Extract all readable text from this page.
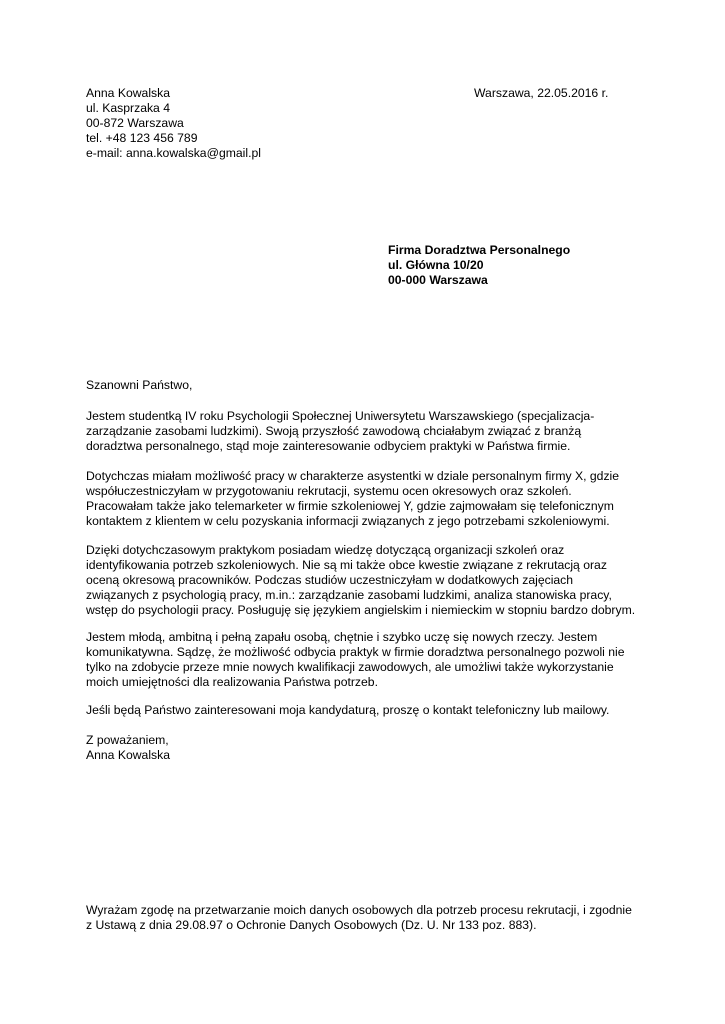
Anna Kowalska
ul. Kasprzaka 4
00-872 Warszawa
tel. +48 123 456 789
e-mail: anna.kowalska@gmail.pl
Warszawa, 22.05.2016 r.
Firma Doradztwa Personalnego
ul. Główna 10/20
00-000 Warszawa
Szanowni Państwo,
Jestem studentką IV roku Psychologii Społecznej Uniwersytetu Warszawskiego (specjalizacja-
zarządzanie zasobami ludzkimi). Swoją przyszłość zawodową chciałabym związać z branżą
doradztwa personalnego, stąd moje zainteresowanie odbyciem praktyki w Państwa firmie.
Dotychczas miałam możliwość pracy w charakterze asystentki w dziale personalnym firmy X, gdzie
współuczestniczyłam w przygotowaniu rekrutacji, systemu ocen okresowych oraz szkoleń.
Pracowałam także jako telemarketer w firmie szkoleniowej Y, gdzie zajmowałam się telefonicznym
kontaktem z klientem w celu pozyskania informacji związanych z jego potrzebami szkoleniowymi.
Dzięki dotychczasowym praktykom posiadam wiedzę dotyczącą organizacji szkoleń oraz
identyfikowania potrzeb szkoleniowych. Nie są mi także obce kwestie związane z rekrutacją oraz
oceną okresową pracowników. Podczas studiów uczestniczyłam w dodatkowych zajęciach
związanych z psychologią pracy, m.in.: zarządzanie zasobami ludzkimi, analiza stanowiska pracy,
wstęp do psychologii pracy. Posługuję się językiem angielskim i niemieckim w stopniu bardzo dobrym.
Jestem młodą, ambitną i pełną zapału osobą, chętnie i szybko uczę się nowych rzeczy. Jestem
komunikatywna. Sądzę, że możliwość odbycia praktyk w firmie doradztwa personalnego pozwoli nie
tylko na zdobycie przeze mnie nowych kwalifikacji zawodowych, ale umożliwi także wykorzystanie
moich umiejętności dla realizowania Państwa potrzeb.
Jeśli będą Państwo zainteresowani moja kandydaturą, proszę o kontakt telefoniczny lub mailowy.
Z poważaniem,
Anna Kowalska
Wyrażam zgodę na przetwarzanie moich danych osobowych dla potrzeb procesu rekrutacji, i zgodnie
z Ustawą z dnia 29.08.97 o Ochronie Danych Osobowych (Dz. U. Nr 133 poz. 883).
